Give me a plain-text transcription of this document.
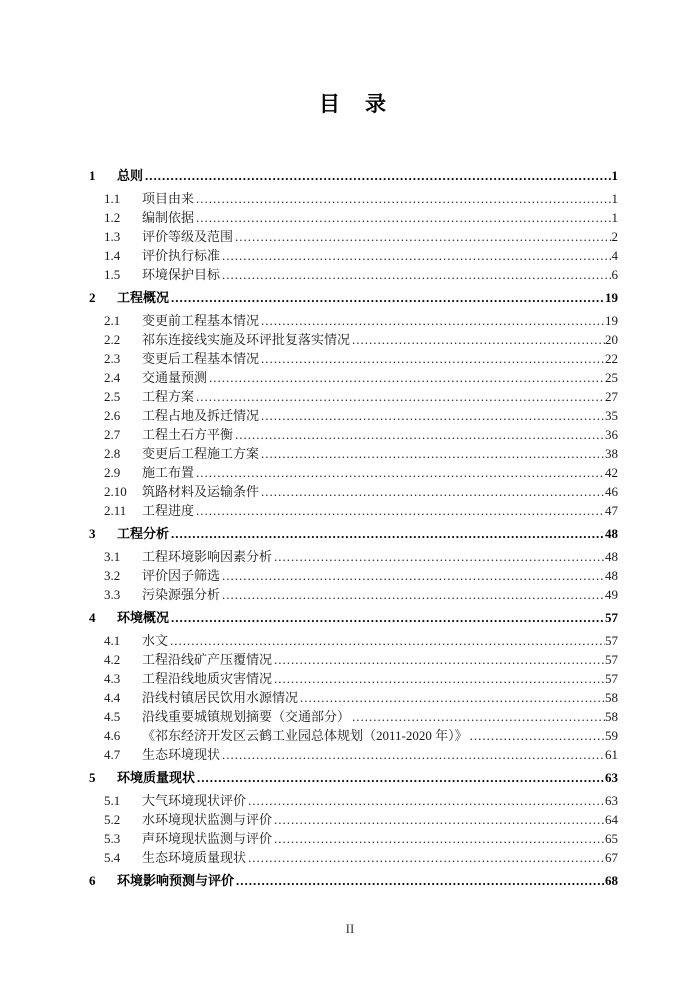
目　录
1	总则 .....	1
1.1	项目由来 .....	1
1.2	编制依据 .....	1
1.3	评价等级及范围 .....	2
1.4	评价执行标准 .....	4
1.5	环境保护目标 .....	6
2	工程概况 .....	19
2.1	变更前工程基本情况 .....	19
2.2	祁东连接线实施及环评批复落实情况 .....	20
2.3	变更后工程基本情况 .....	22
2.4	交通量预测 .....	25
2.5	工程方案 .....	27
2.6	工程占地及拆迁情况 .....	35
2.7	工程土石方平衡 .....	36
2.8	变更后工程施工方案 .....	38
2.9	施工布置 .....	42
2.10	筑路材料及运输条件 .....	46
2.11	工程进度 .....	47
3	工程分析 .....	48
3.1	工程环境影响因素分析 .....	48
3.2	评价因子筛选 .....	48
3.3	污染源强分析 .....	49
4	环境概况 .....	57
4.1	水文 .....	57
4.2	工程沿线矿产压覆情况 .....	57
4.3	工程沿线地质灾害情况 .....	57
4.4	沿线村镇居民饮用水源情况 .....	58
4.5	沿线重要城镇规划摘要（交通部分） .....	58
4.6	《祁东经济开发区云鹤工业园总体规划（2011-2020 年）》 .....	59
4.7	生态环境现状 .....	61
5	环境质量现状 .....	63
5.1	大气环境现状评价 .....	63
5.2	水环境现状监测与评价 .....	64
5.3	声环境现状监测与评价 .....	65
5.4	生态环境质量现状 .....	67
6	环境影响预测与评价 .....	68
II
